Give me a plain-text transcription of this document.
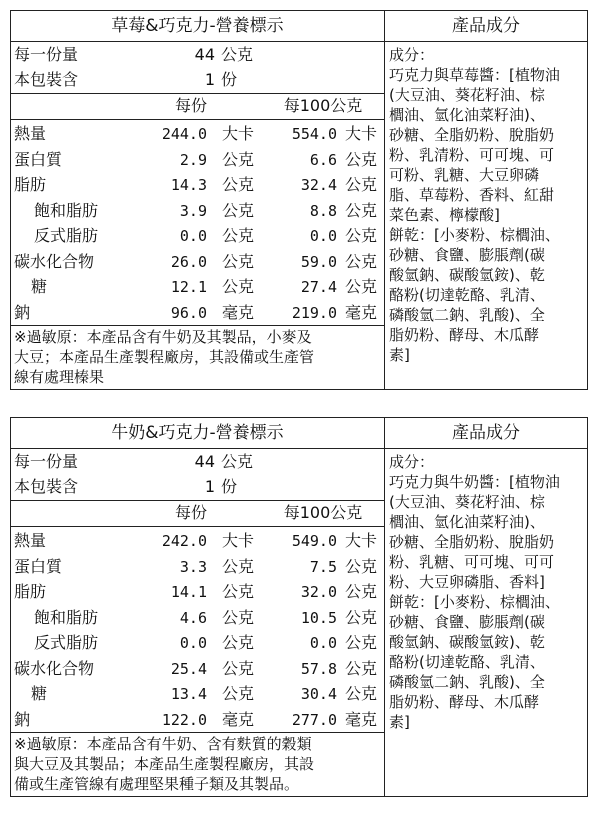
草莓&巧克力-營養標示
每一份量	44 公克
本包裝含	1 份
每份	每100公克
熱量	244.0 大卡	554.0 大卡
蛋白質	2.9 公克	6.6 公克
脂肪	14.3 公克	32.4 公克
飽和脂肪	3.9 公克	8.8 公克
反式脂肪	0.0 公克	0.0 公克
碳水化合物	26.0 公克	59.0 公克
糖	12.1 公克	27.4 公克
鈉	96.0 毫克	219.0 毫克
※過敏原：本產品含有牛奶及其製品，小麥及
大豆；本產品生產製程廠房，其設備或生產管
線有處理榛果
產品成分
成分：
巧克力與草莓醬：[植物油
(大豆油、葵花籽油、棕
櫚油、氫化油菜籽油)、
砂糖、全脂奶粉、脫脂奶
粉、乳清粉、可可塊、可
可粉、乳糖、大豆卵磷
脂、草莓粉、香料、紅甜
菜色素、檸檬酸]
餅乾：[小麥粉、棕櫚油、
砂糖、食鹽、膨脹劑(碳
酸氫鈉、碳酸氫銨)、乾
酪粉(切達乾酪、乳清、
磷酸氫二鈉、乳酸)、全
脂奶粉、酵母、木瓜酵
素]
牛奶&巧克力-營養標示
每一份量	44 公克
本包裝含	1 份
每份	每100公克
熱量	242.0 大卡	549.0 大卡
蛋白質	3.3 公克	7.5 公克
脂肪	14.1 公克	32.0 公克
飽和脂肪	4.6 公克	10.5 公克
反式脂肪	0.0 公克	0.0 公克
碳水化合物	25.4 公克	57.8 公克
糖	13.4 公克	30.4 公克
鈉	122.0 毫克	277.0 毫克
※過敏原：本產品含有牛奶、含有麩質的穀類
與大豆及其製品；本產品生產製程廠房，其設
備或生產管線有處理堅果種子類及其製品。
產品成分
成分：
巧克力與牛奶醬：[植物油
(大豆油、葵花籽油、棕
櫚油、氫化油菜籽油)、
砂糖、全脂奶粉、脫脂奶
粉、乳糖、可可塊、可可
粉、大豆卵磷脂、香料]
餅乾：[小麥粉、棕櫚油、
砂糖、食鹽、膨脹劑(碳
酸氫鈉、碳酸氫銨)、乾
酪粉(切達乾酪、乳清、
磷酸氫二鈉、乳酸)、全
脂奶粉、酵母、木瓜酵
素]
